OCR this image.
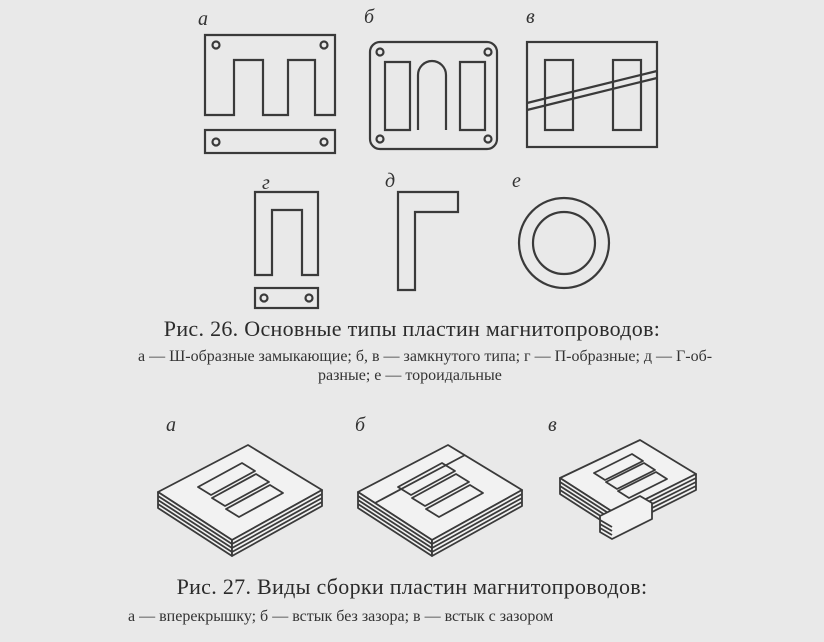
а	б	в
г	д	е
Рис. 26. Основные типы пластин магнитопроводов:
а — Ш-образные замыкающие; б, в — замкнутого типа; г — П-образные; д — Г-об-
разные; е — тороидальные
а	б	в
Рис. 27. Виды сборки пластин магнитопроводов:
а — вперекрышку; б — встык без зазора; в — встык с зазором
